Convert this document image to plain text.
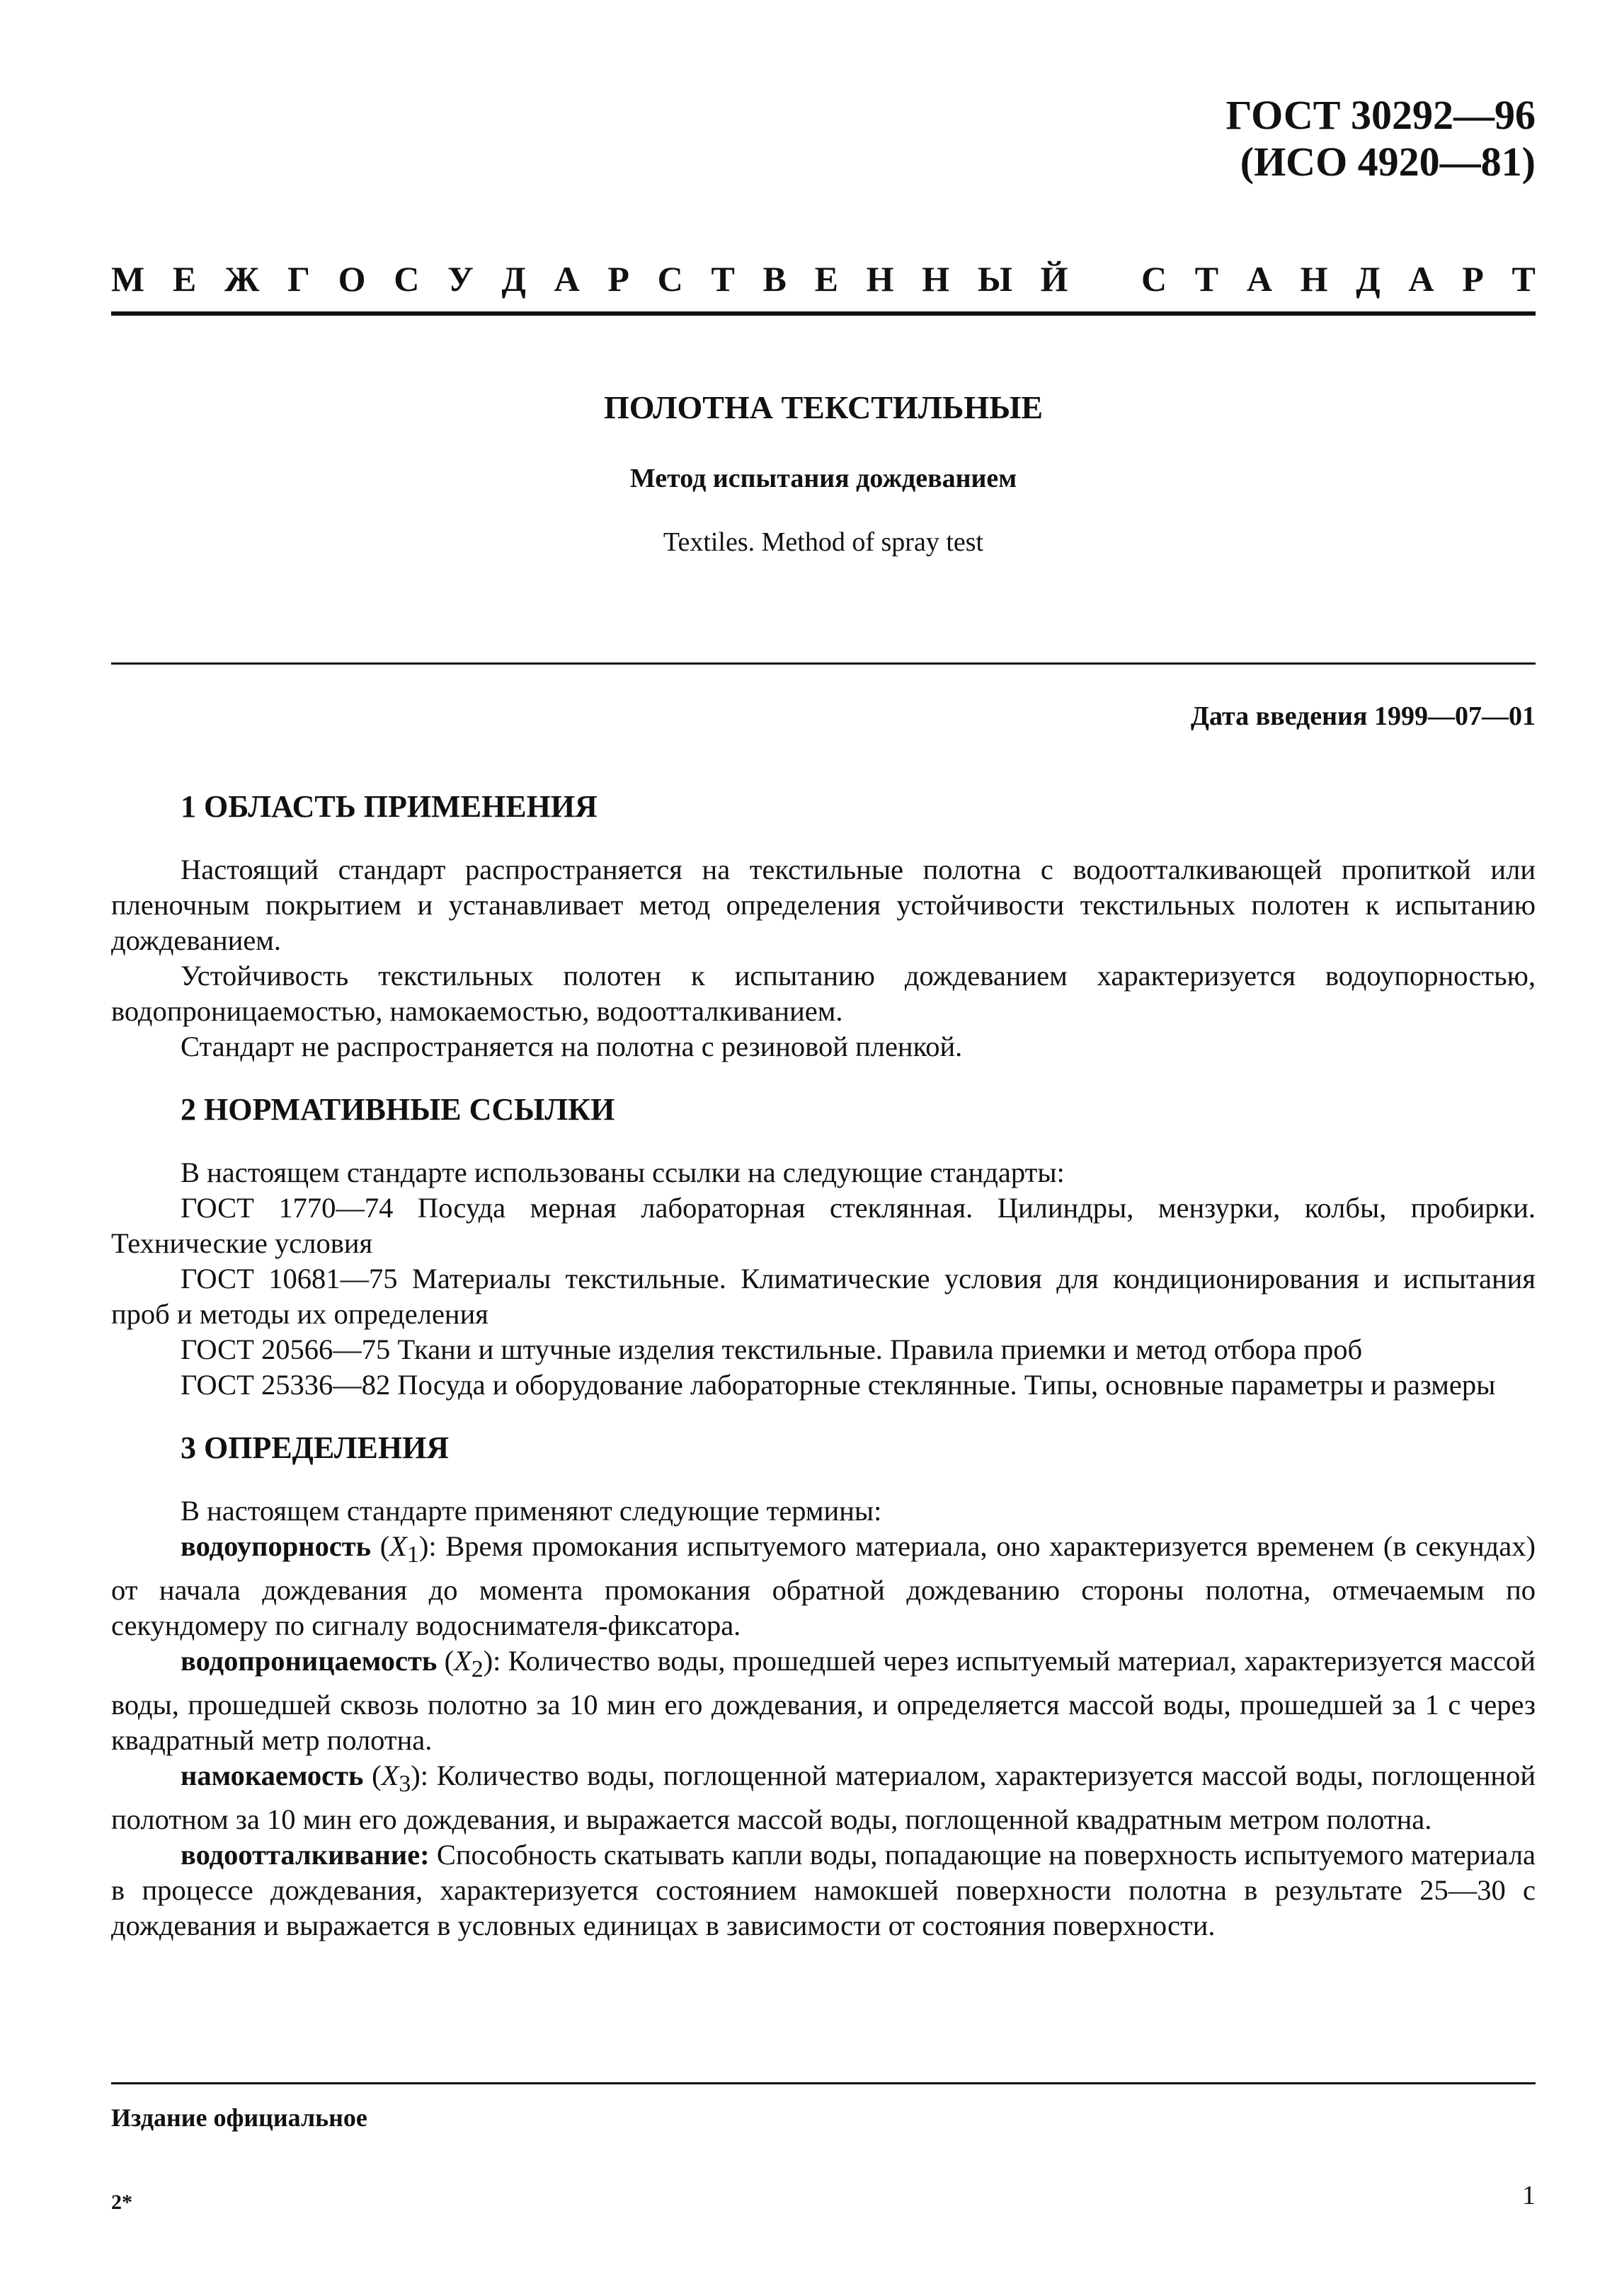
ГОСТ 30292—96
(ИСО 4920—81)
М Е Ж Г О С У Д А Р С Т В Е Н Н Ы Й С Т А Н Д А Р Т
ПОЛОТНА ТЕКСТИЛЬНЫЕ
Метод испытания дождеванием
Textiles. Method of spray test
Дата введения 1999—07—01
1 ОБЛАСТЬ ПРИМЕНЕНИЯ

Настоящий стандарт распространяется на текстильные полотна с водоотталкивающей пропиткой или пленочным покрытием и устанавливает метод определения устойчивости текстильных полотен к испытанию дождеванием.

Устойчивость текстильных полотен к испытанию дождеванием характеризуется водоупорностью, водопроницаемостью, намокаемостью, водоотталкиванием.

Стандарт не распространяется на полотна с резиновой пленкой.

2 НОРМАТИВНЫЕ ССЫЛКИ

В настоящем стандарте использованы ссылки на следующие стандарты:

ГОСТ 1770—74 Посуда мерная лабораторная стеклянная. Цилиндры, мензурки, колбы, пробирки. Технические условия

ГОСТ 10681—75 Материалы текстильные. Климатические условия для кондиционирования и испытания проб и методы их определения

ГОСТ 20566—75 Ткани и штучные изделия текстильные. Правила приемки и метод отбора проб

ГОСТ 25336—82 Посуда и оборудование лабораторные стеклянные. Типы, основные параметры и размеры

3 ОПРЕДЕЛЕНИЯ

В настоящем стандарте применяют следующие термины:

водоупорность $(X_1)$: Время промокания испытуемого материала, оно характеризуется временем (в секундах) от начала дождевания до момента промокания обратной дождеванию стороны полотна, отмечаемым по секундомеру по сигналу водоснимателя-фиксатора.

водопроницаемость $(X_2)$: Количество воды, прошедшей через испытуемый материал, характеризуется массой воды, прошедшей сквозь полотно за 10 мин его дождевания, и определяется массой воды, прошедшей за 1 с через квадратный метр полотна.

намокаемость $(X_3)$: Количество воды, поглощенной материалом, характеризуется массой воды, поглощенной полотном за 10 мин его дождевания, и выражается массой воды, поглощенной квадратным метром полотна.

водоотталкивание: Способность скатывать капли воды, попадающие на поверхность испытуемого материала в процессе дождевания, характеризуется состоянием намокшей поверхности полотна в результате 25—30 с дождевания и выражается в условных единицах в зависимости от состояния поверхности.

Издание официальное
1
2*
